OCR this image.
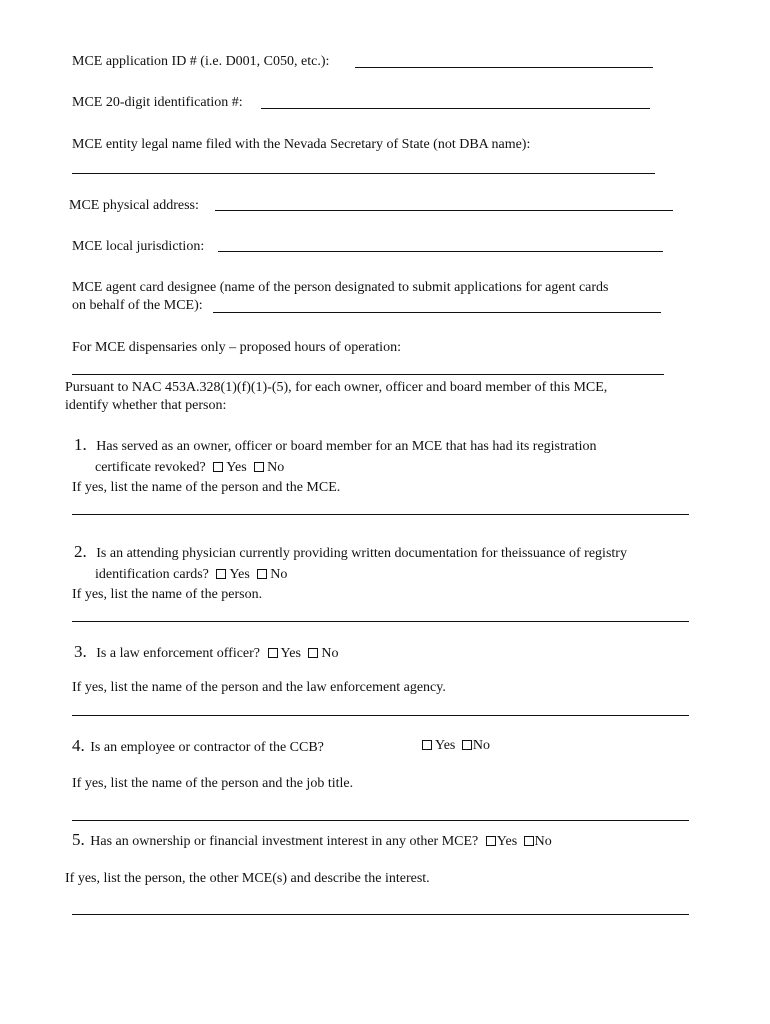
MCE application ID # (i.e. D001, C050, etc.):
MCE 20-digit identification #:
MCE entity legal name filed with the Nevada Secretary of State (not DBA name):
MCE physical address:
MCE local jurisdiction:
MCE agent card designee (name of the person designated to submit applications for agent cards
on behalf of the MCE):
For MCE dispensaries only – proposed hours of operation:
Pursuant to NAC 453A.328(1)(f)(1)-(5), for each owner, officer and board member of this MCE,
identify whether that person:
1. Has served as an owner, officer or board member for an MCE that has had its registration
certificate revoked? Yes No
If yes, list the name of the person and the MCE.
2. Is an attending physician currently providing written documentation for theissuance of registry
identification cards? Yes No
If yes, list the name of the person.
3. Is a law enforcement officer? Yes No
If yes, list the name of the person and the law enforcement agency.
4. Is an employee or contractor of the CCB?	Yes No
If yes, list the name of the person and the job title.
5. Has an ownership or financial investment interest in any other MCE? Yes No
If yes, list the person, the other MCE(s) and describe the interest.
